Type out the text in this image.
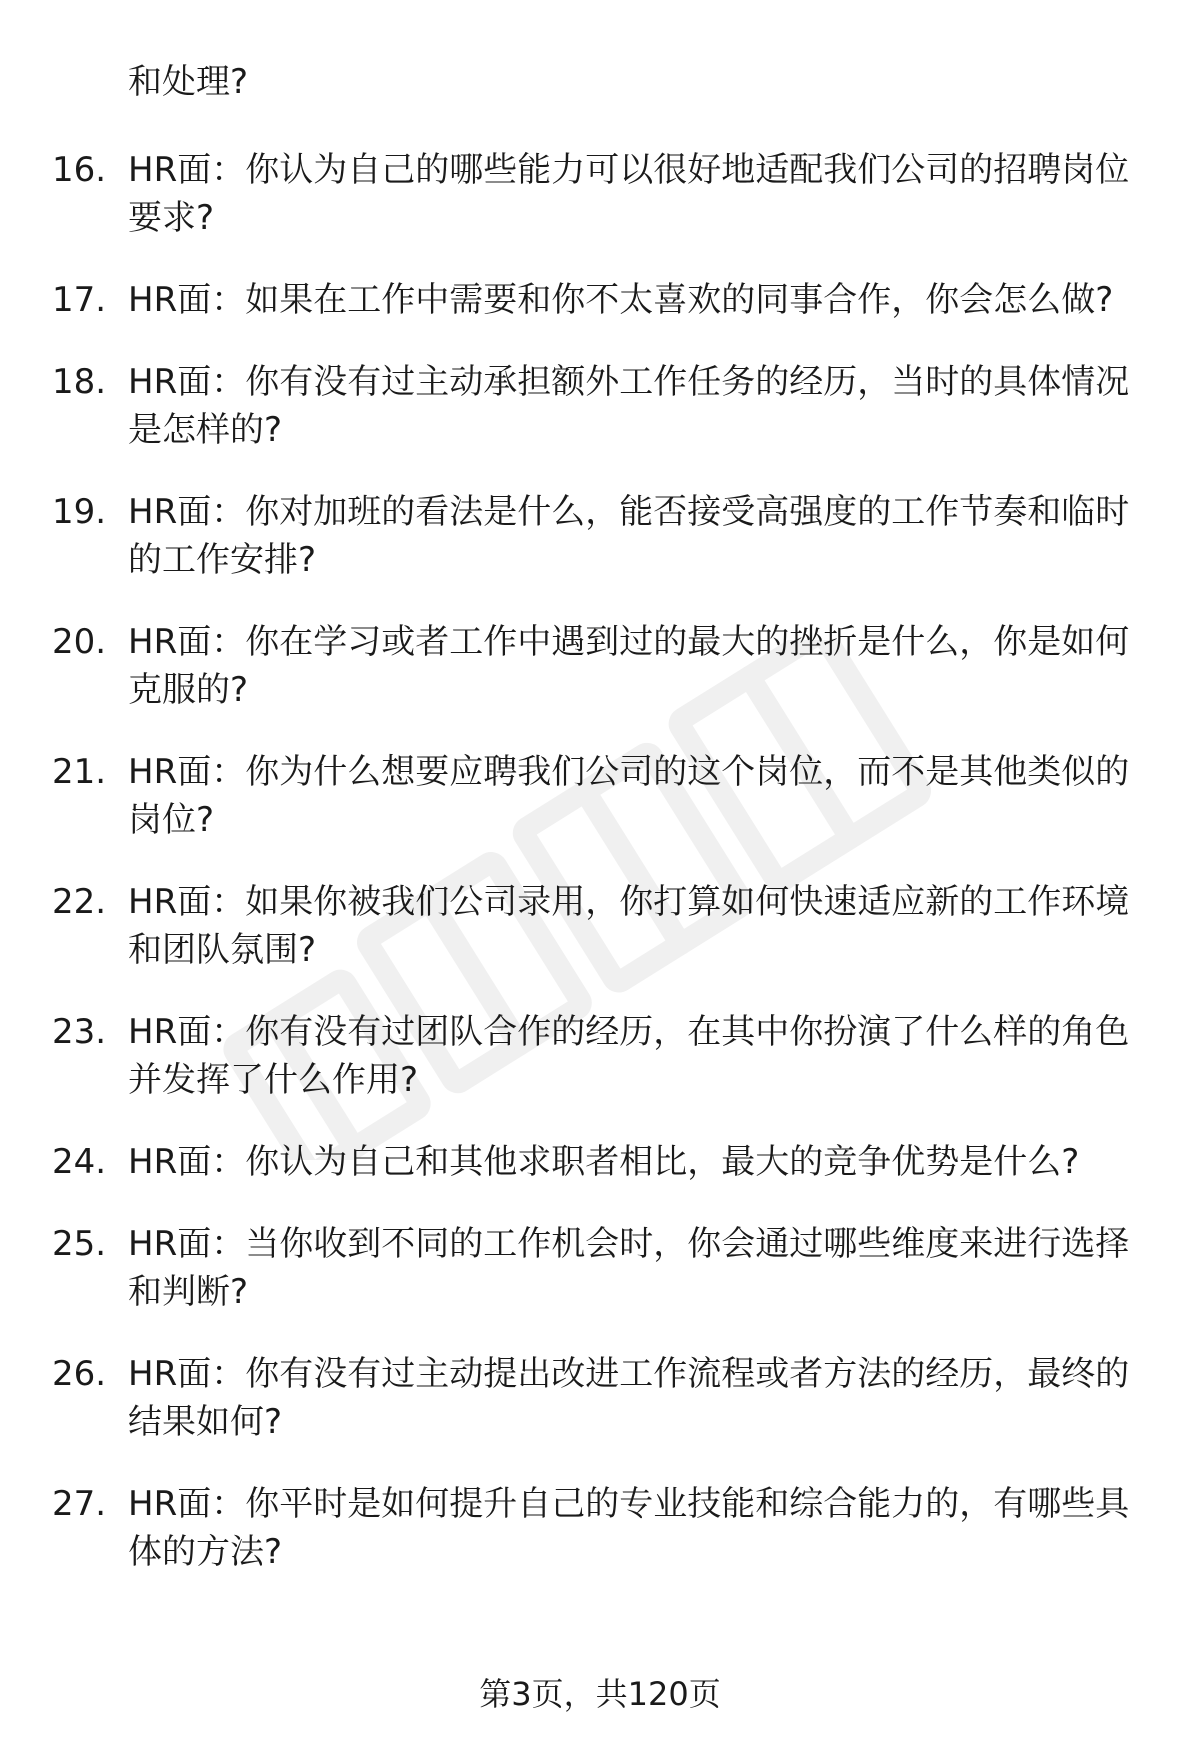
和处理?
16. HR面：你认为自己的哪些能力可以很好地适配我们公司的招聘岗位要求?
17. HR面：如果在工作中需要和你不太喜欢的同事合作，你会怎么做?
18. HR面：你有没有过主动承担额外工作任务的经历，当时的具体情况是怎样的?
19. HR面：你对加班的看法是什么，能否接受高强度的工作节奏和临时的工作安排?
20. HR面：你在学习或者工作中遇到过的最大的挫折是什么，你是如何克服的?
21. HR面：你为什么想要应聘我们公司的这个岗位，而不是其他类似的岗位?
22. HR面：如果你被我们公司录用，你打算如何快速适应新的工作环境和团队氛围?
23. HR面：你有没有过团队合作的经历，在其中你扮演了什么样的角色并发挥了什么作用?
24. HR面：你认为自己和其他求职者相比，最大的竞争优势是什么?
25. HR面：当你收到不同的工作机会时，你会通过哪些维度来进行选择和判断?
26. HR面：你有没有过主动提出改进工作流程或者方法的经历，最终的结果如何?
27. HR面：你平时是如何提升自己的专业技能和综合能力的，有哪些具体的方法?
第3页，共120页
